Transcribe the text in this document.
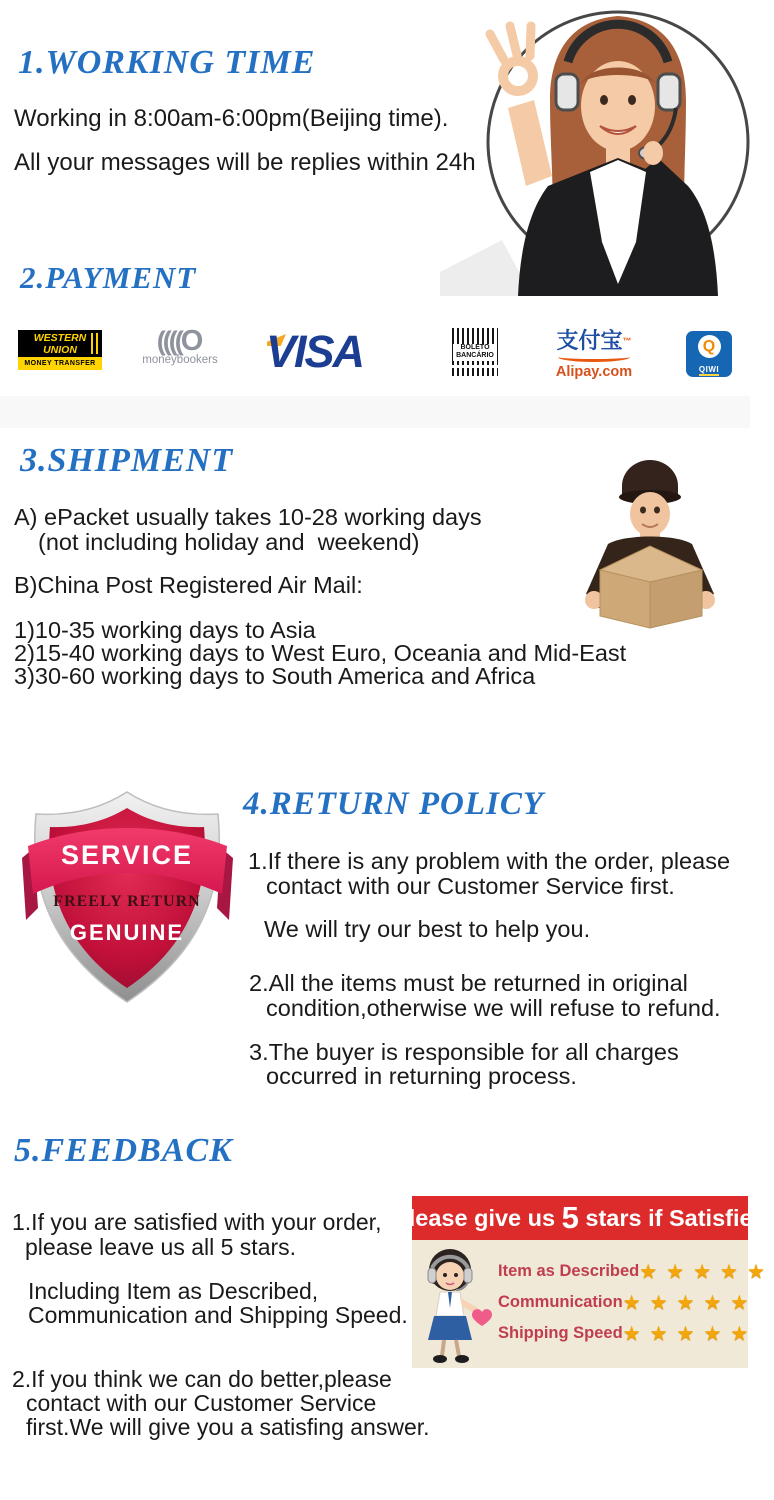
1.WORKING TIME
Working in 8:00am-6:00pm(Beijing time).
All your messages will be replies within 24h
2.PAYMENT
WESTERN
UNION
MONEY TRANSFER
((((O
moneybookers VISA	BOLETO
BANCÁRIO
支付宝™
Alipay.com
Q
QIWI
3.SHIPMENT
A) ePacket usually takes 10-28 working days
(not including holiday and  weekend)
B)China Post Registered Air Mail:
1)10-35 working days to Asia
2)15-40 working days to West Euro, Oceania and Mid-East
3)30-60 working days to South America and Africa
SERVICE
FREELY RETURN
GENUINE
4.RETURN POLICY
1.If there is any problem with the order, please
contact with our Customer Service first.
We will try our best to help you.
2.All the items must be returned in original
condition,otherwise we will refuse to refund.
3.The buyer is responsible for all charges
occurred in returning process.
5.FEEDBACK
1.If you are satisfied with your order,
please leave us all 5 stars.
Including Item as Described,
Communication and Shipping Speed.
2.If you think we can do better,please
contact with our Customer Service
first.We will give you a satisfing answer.
Please give us 5 stars if Satisfied
Item as Described ★★★★★
Communication ★★★★★
Shipping Speed ★★★★★
